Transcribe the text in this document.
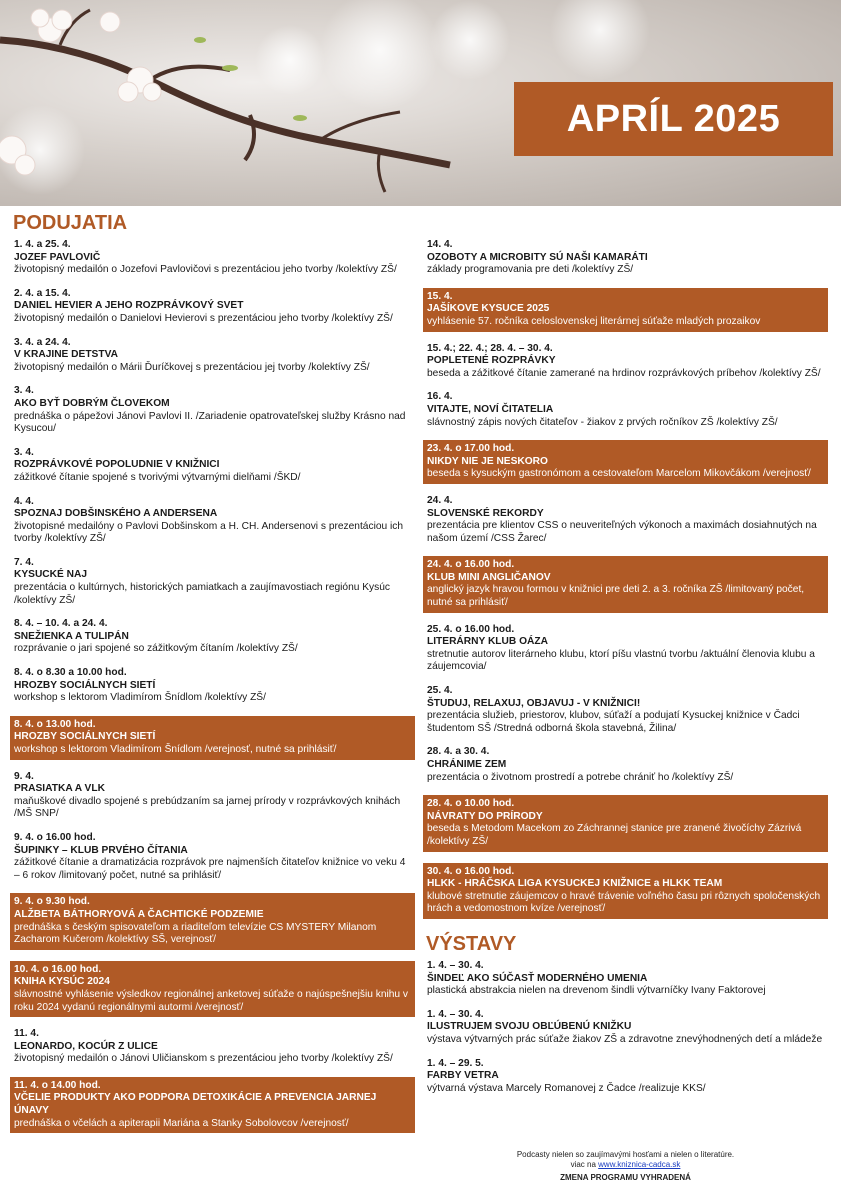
APRÍL 2025
PODUJATIA
1. 4. a 25. 4.
JOZEF PAVLOVIČ
životopisný medailón o Jozefovi Pavlovičovi s prezentáciou jeho tvorby /kolektívy ZŠ/
2. 4. a 15. 4.
DANIEL HEVIER A JEHO ROZPRÁVKOVÝ SVET
životopisný medailón o Danielovi Hevierovi s prezentáciou jeho tvorby /kolektívy ZŠ/
3. 4. a 24. 4.
V KRAJINE DETSTVA
životopisný medailón o Márii Ďuríčkovej s prezentáciou jej tvorby /kolektívy ZŠ/
3. 4.
AKO BYŤ DOBRÝM ČLOVEKOM
prednáška o pápežovi Jánovi Pavlovi II. /Zariadenie opatrovateľskej služby Krásno nad Kysucou/
3. 4.
ROZPRÁVKOVÉ POPOLUDNIE V KNIŽNICI
zážitkové čítanie spojené s tvorivými výtvarnými dielňami /ŠKD/
4. 4.
SPOZNAJ DOBŠINSKÉHO A ANDERSENA
životopisné medailóny o Pavlovi Dobšinskom a H. CH. Andersenovi s prezentáciou ich tvorby /kolektívy ZŠ/
7. 4.
KYSUCKÉ NAJ
prezentácia o kultúrnych, historických pamiatkach a zaujímavostiach regiónu Kysúc /kolektívy ZŠ/
8. 4. – 10. 4. a 24. 4.
SNEŽIENKA A TULIPÁN
rozprávanie o jari spojené so zážitkovým čítaním /kolektívy ZŠ/
8. 4. o 8.30 a 10.00 hod.
HROZBY SOCIÁLNYCH SIETÍ
workshop s lektorom Vladimírom Šnídlom /kolektívy ZŠ/
8. 4. o 13.00 hod.
HROZBY SOCIÁLNYCH SIETÍ
workshop s lektorom Vladimírom Šnídlom /verejnosť, nutné sa prihlásiť/
9. 4.
PRASIATKA A VLK
maňuškové divadlo spojené s prebúdzaním sa jarnej prírody v rozprávkových knihách /MŠ SNP/
9. 4. o 16.00 hod.
ŠUPINKY – KLUB PRVÉHO ČÍTANIA
zážitkové čítanie a dramatizácia rozprávok pre najmenších čitateľov knižnice vo veku 4 – 6 rokov /limitovaný počet, nutné sa prihlásiť/
9. 4. o 9.30 hod.
ALŽBETA BÁTHORYOVÁ A ČACHTICKÉ PODZEMIE
prednáška s českým spisovateľom a riaditeľom televízie CS MYSTERY Milanom Zacharom Kučerom /kolektívy SŠ, verejnosť/
10. 4. o 16.00 hod.
KNIHA KYSÚC 2024
slávnostné vyhlásenie výsledkov regionálnej anketovej súťaže o najúspešnejšiu knihu v roku 2024 vydanú regionálnymi autormi /verejnosť/
11. 4.
LEONARDO, KOCÚR Z ULICE
životopisný medailón o Jánovi Uličianskom s prezentáciou jeho tvorby /kolektívy ZŠ/
11. 4. o 14.00 hod.
VČELIE PRODUKTY AKO PODPORA DETOXIKÁCIE A PREVENCIA JARNEJ ÚNAVY
prednáška o včelách a apiterapii Mariána a Stanky Sobolovcov /verejnosť/
14. 4.
OZOBOTY A MICROBITY SÚ NAŠI KAMARÁTI
základy programovania pre deti /kolektívy ZŠ/
15. 4.
JAŠÍKOVE KYSUCE 2025
vyhlásenie 57. ročníka celoslovenskej literárnej súťaže mladých prozaikov
15. 4.; 22. 4.; 28. 4. – 30. 4.
POPLETENÉ ROZPRÁVKY
beseda a zážitkové čítanie zamerané na hrdinov rozprávkových príbehov /kolektívy ZŠ/
16. 4.
VITAJTE, NOVÍ ČITATELIA
slávnostný zápis nových čitateľov - žiakov z prvých ročníkov ZŠ /kolektívy ZŠ/
23. 4. o 17.00 hod.
NIKDY NIE JE NESKORO
beseda s kysuckým gastronómom a cestovateľom Marcelom Mikovčákom /verejnosť/
24. 4.
SLOVENSKÉ REKORDY
prezentácia pre klientov CSS o neuveriteľných výkonoch a maximách dosiahnutých na našom území /CSS Žarec/
24. 4. o 16.00 hod.
KLUB MINI ANGLIČANOV
anglický jazyk hravou formou v knižnici pre deti 2. a 3. ročníka ZŠ /limitovaný počet, nutné sa prihlásiť/
25. 4. o 16.00 hod.
LITERÁRNY KLUB OÁZA
stretnutie autorov literárneho klubu, ktorí píšu vlastnú tvorbu /aktuální členovia klubu a záujemcovia/
25. 4.
ŠTUDUJ, RELAXUJ, OBJAVUJ - V KNIŽNICI!
prezentácia služieb, priestorov, klubov, súťaží a podujatí Kysuckej knižnice v Čadci študentom SŠ /Stredná odborná škola stavebná, Žilina/
28. 4. a 30. 4.
CHRÁNIME ZEM
prezentácia o životnom prostredí a potrebe chrániť ho /kolektívy ZŠ/
28. 4. o 10.00 hod.
NÁVRATY DO PRÍRODY
beseda s Metodom Macekom zo Záchrannej stanice pre zranené živočíchy Zázrivá /kolektívy ZŠ/
30. 4. o 16.00 hod.
HLKK - HRÁČSKA LIGA KYSUCKEJ KNIŽNICE a HLKK TEAM
klubové stretnutie záujemcov o hravé trávenie voľného času pri rôznych spoločenských hrách a vedomostnom kvíze /verejnosť/
VÝSTAVY
1. 4. – 30. 4.
ŠINDEĽ AKO SÚČASŤ MODERNÉHO UMENIA
plastická abstrakcia nielen na drevenom šindli výtvarníčky Ivany Faktorovej
1. 4. – 30. 4.
ILUSTRUJEM SVOJU OBĽÚBENÚ KNIŽKU
výstava výtvarných prác súťaže žiakov ZŠ a zdravotne znevýhodnených detí a mládeže
1. 4. – 29. 5.
FARBY VETRA
výtvarná výstava Marcely Romanovej z Čadce /realizuje KKS/
Podcasty nielen so zaujímavými hosťami a nielen o literatúre.
viac na www.kniznica-cadca.sk
ZMENA PROGRAMU VYHRADENÁ
